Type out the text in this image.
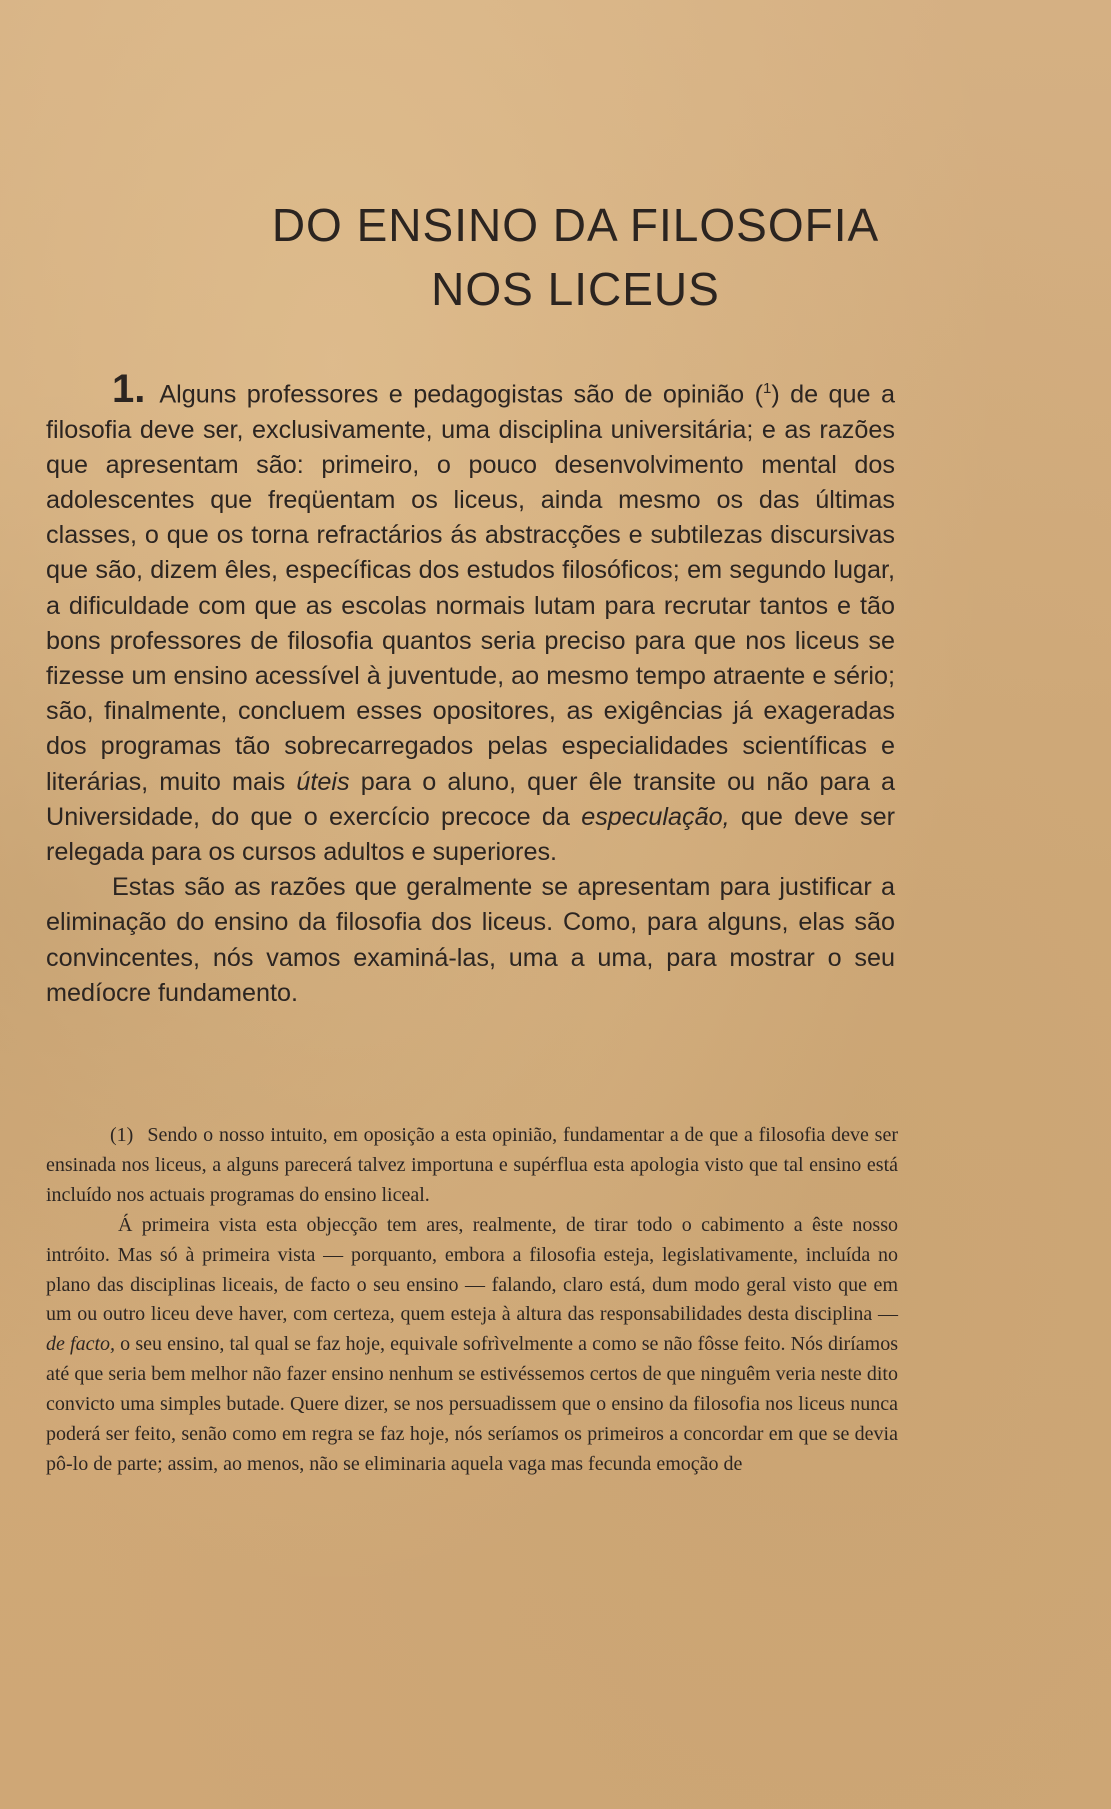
DO ENSINO DA FILOSOFIA
NOS LICEUS

1. Alguns professores e pedagogistas são de opinião ($^1$) de que a filosofia deve ser, exclusivamente, uma disciplina universitária; e as razões que apresentam são: primeiro, o pouco desenvolvimento mental dos adolescentes que freqüentam os liceus, ainda mesmo os das últimas classes, o que os torna refractários ás abstracções e subtilezas discursivas que são, dizem êles, específicas dos estudos filosóficos; em segundo lugar, a dificuldade com que as escolas normais lutam para recrutar tantos e tão bons professores de filosofia quantos seria preciso para que nos liceus se fizesse um ensino acessível à juventude, ao mesmo tempo atraente e sério; são, finalmente, concluem esses opositores, as exigências já exageradas dos programas tão sobrecarregados pelas especialidades scientíficas e literárias, muito mais úteis para o aluno, quer êle transite ou não para a Universidade, do que o exercício precoce da especulação, que deve ser relegada para os cursos adultos e superiores.

Estas são as razões que geralmente se apresentam para justificar a eliminação do ensino da filosofia dos liceus. Como, para alguns, elas são convincentes, nós vamos examiná-las, uma a uma, para mostrar o seu medíocre fundamento.

(1) Sendo o nosso intuito, em oposição a esta opinião, fundamentar a de que a filosofia deve ser ensinada nos liceus, a alguns parecerá talvez importuna e supérflua esta apologia visto que tal ensino está incluído nos actuais programas do ensino liceal.

Á primeira vista esta objecção tem ares, realmente, de tirar todo o cabimento a êste nosso intróito. Mas só à primeira vista — porquanto, embora a filosofia esteja, legislativamente, incluída no plano das disciplinas liceais, de facto o seu ensino — falando, claro está, dum modo geral visto que em um ou outro liceu deve haver, com certeza, quem esteja à altura das responsabilidades desta disciplina — de facto, o seu ensino, tal qual se faz hoje, equivale sofrìvelmente a como se não fôsse feito. Nós diríamos até que seria bem melhor não fazer ensino nenhum se estivéssemos certos de que ninguêm veria neste dito convicto uma simples butade. Quere dizer, se nos persuadissem que o ensino da filosofia nos liceus nunca poderá ser feito, senão como em regra se faz hoje, nós seríamos os primeiros a concordar em que se devia pô-lo de parte; assim, ao menos, não se eliminaria aquela vaga mas fecunda emoção de
